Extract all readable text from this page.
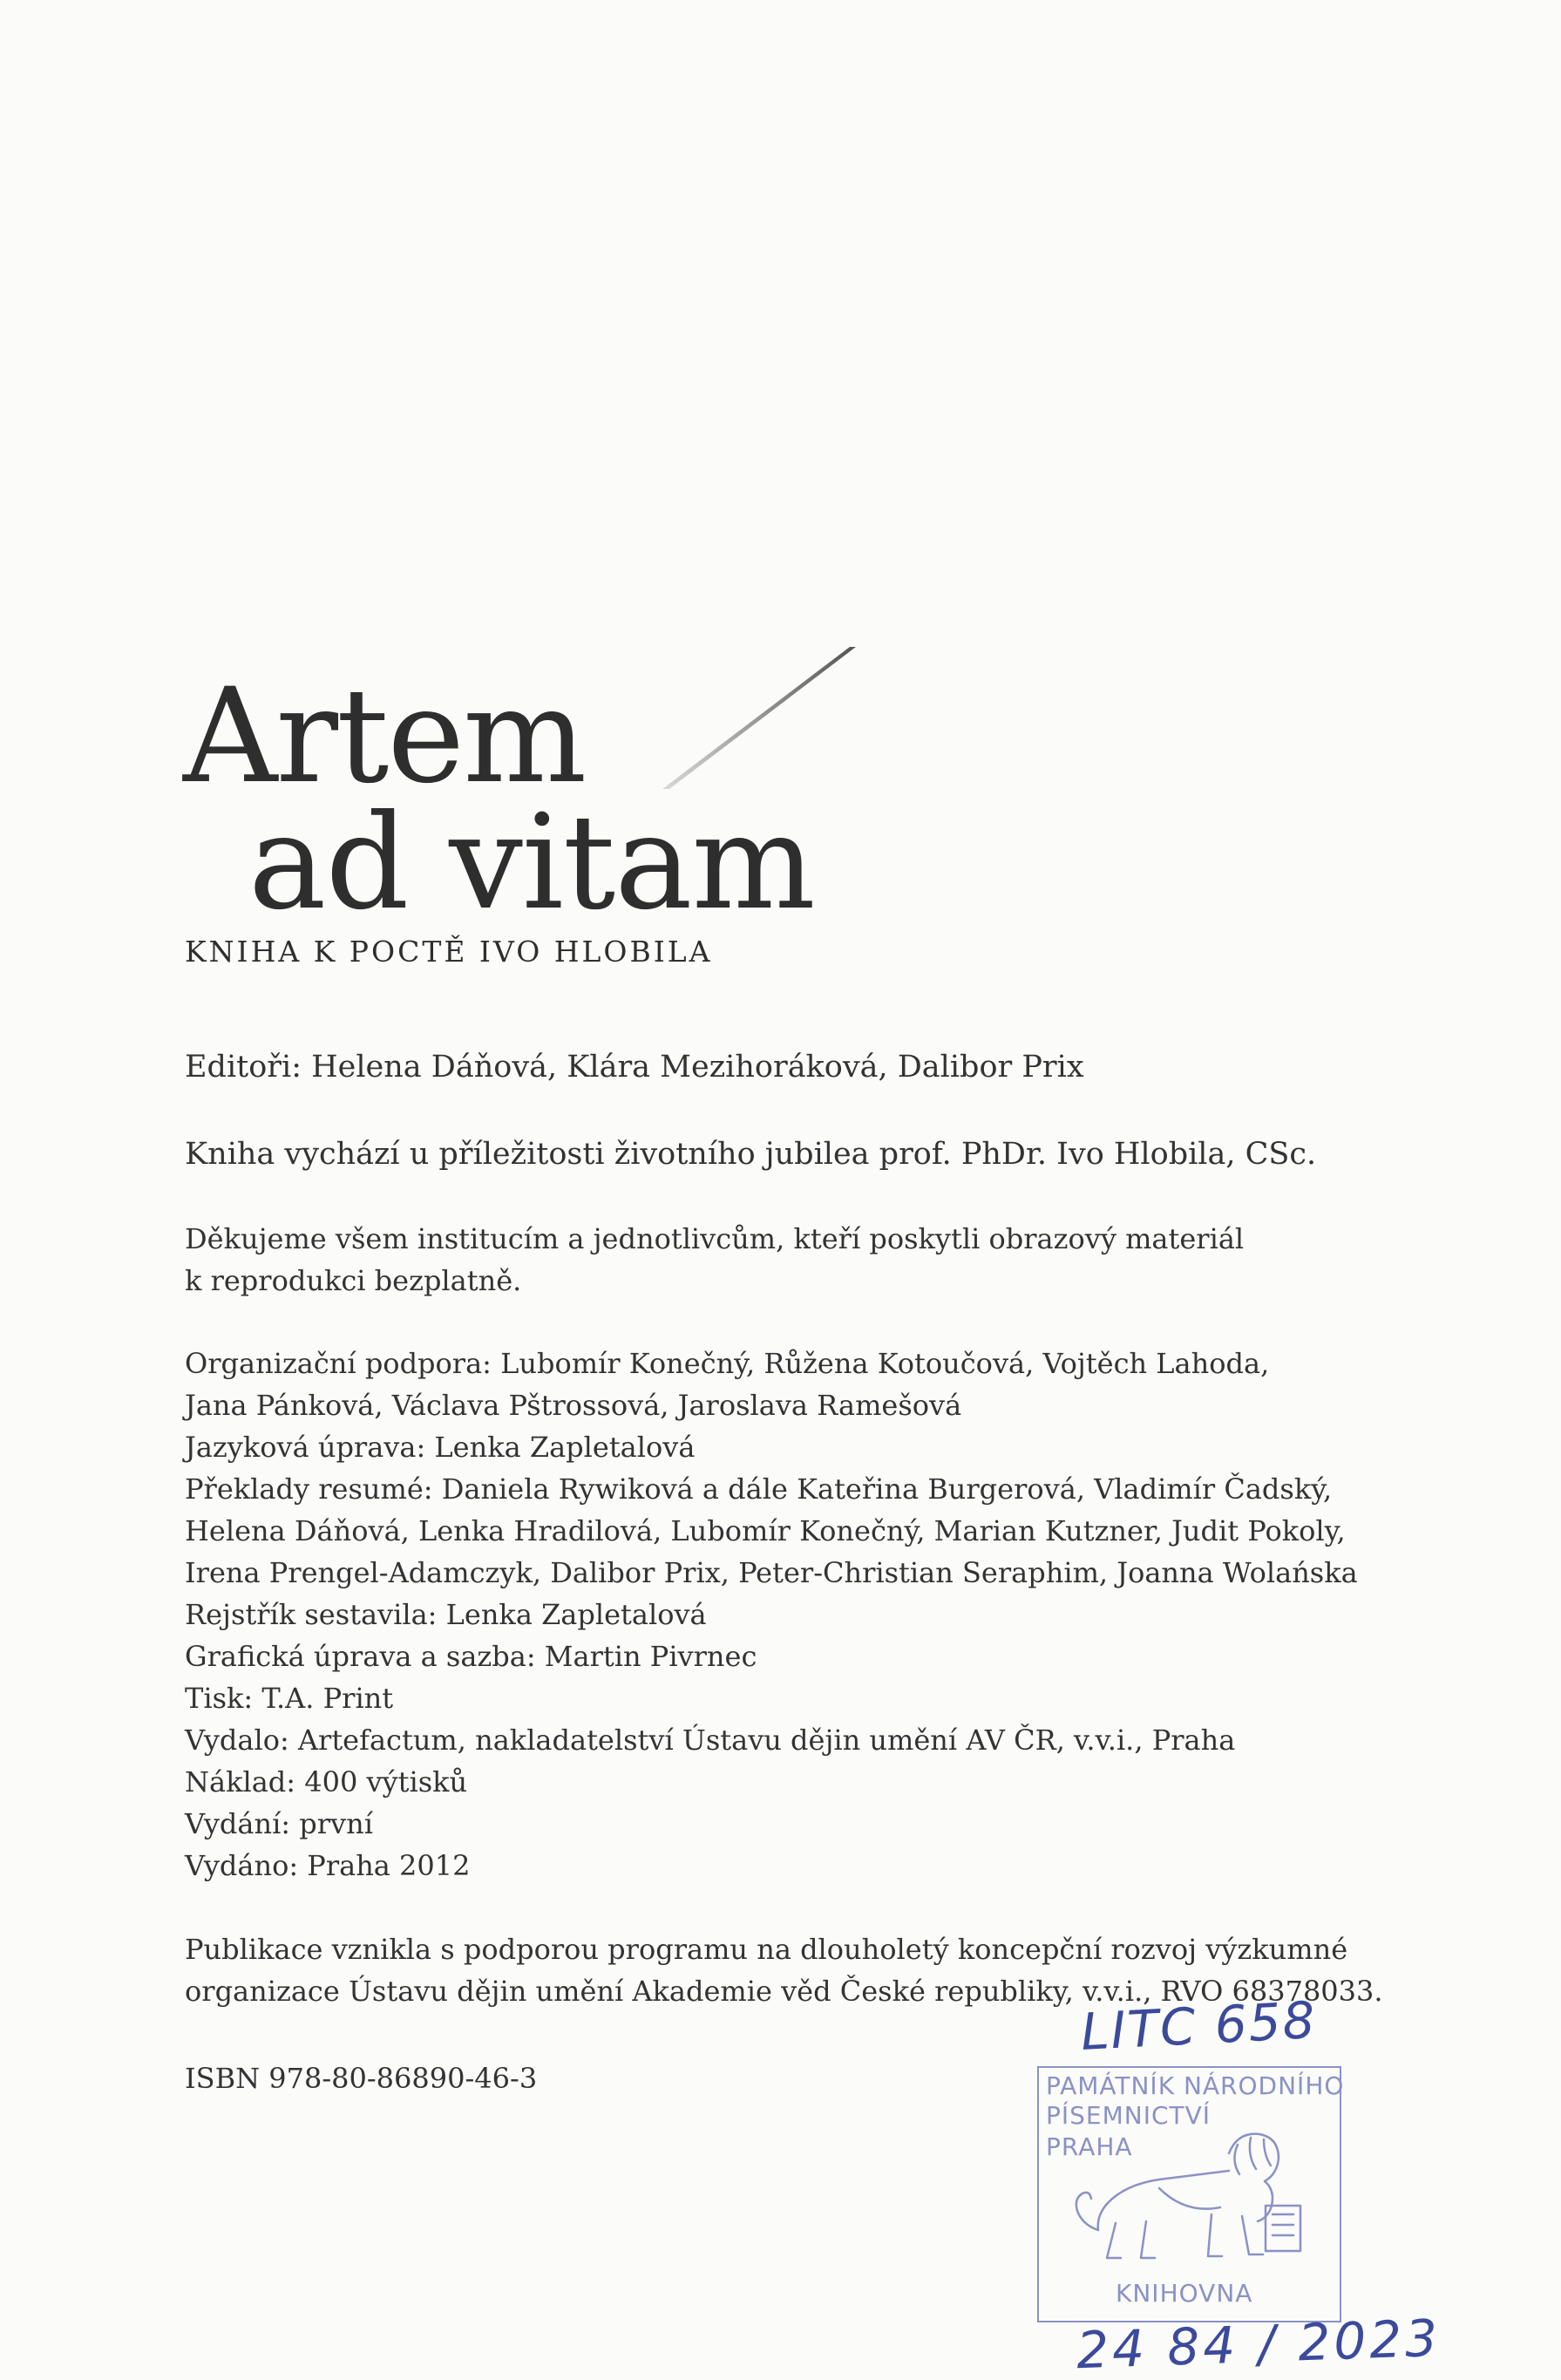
Artem
ad vitam
KNIHA K POCTĚ IVO HLOBILA
Editoři: Helena Dáňová, Klára Mezihoráková, Dalibor Prix
Kniha vychází u příležitosti životního jubilea prof. PhDr. Ivo Hlobila, CSc.
Děkujeme všem institucím a jednotlivcům, kteří poskytli obrazový materiál
k reprodukci bezplatně.
Organizační podpora: Lubomír Konečný, Růžena Kotoučová, Vojtěch Lahoda,
Jana Pánková, Václava Pštrossová, Jaroslava Ramešová
Jazyková úprava: Lenka Zapletalová
Překlady resumé: Daniela Rywiková a dále Kateřina Burgerová, Vladimír Čadský,
Helena Dáňová, Lenka Hradilová, Lubomír Konečný, Marian Kutzner, Judit Pokoly,
Irena Prengel-Adamczyk, Dalibor Prix, Peter-Christian Seraphim, Joanna Wolańska
Rejstřík sestavila: Lenka Zapletalová
Grafická úprava a sazba: Martin Pivrnec
Tisk: T.A. Print
Vydalo: Artefactum, nakladatelství Ústavu dějin umění AV ČR, v.v.i., Praha
Náklad: 400 výtisků
Vydání: první
Vydáno: Praha 2012
Publikace vznikla s podporou programu na dlouholetý koncepční rozvoj výzkumné
organizace Ústavu dějin umění Akademie věd České republiky, v.v.i., RVO 68378033.
ISBN 978-80-86890-46-3
LITC 658
PAMÁTNÍK NÁRODNÍHO
PÍSEMNICTVÍ
PRAHA
KNIHOVNA
24 84 / 2023
